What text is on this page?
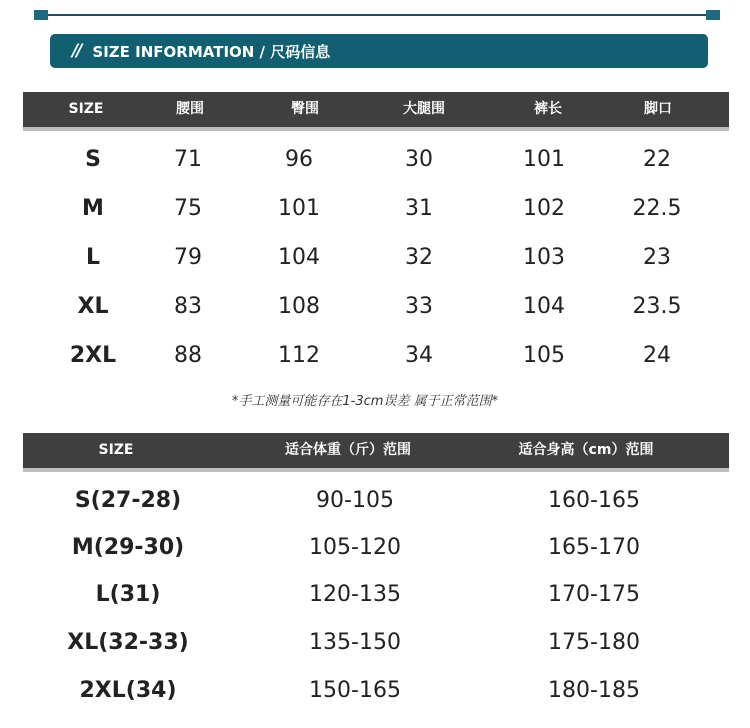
// SIZE INFORMATION / 尺码信息
SIZE	腰围	臀围	大腿围	裤长	脚口
S	71	96	30	101	22
M	75	101	31	102	22.5
L	79	104	32	103	23
XL	83	108	33	104	23.5
2XL	88	112	34	105	24
*手工测量可能存在1-3cm误差 属于正常范围*
SIZE	适合体重（斤）范围	适合身高（cm）范围
S(27-28)	90-105	160-165
M(29-30)	105-120	165-170
L(31)	120-135	170-175
XL(32-33)	135-150	175-180
2XL(34)	150-165	180-185
